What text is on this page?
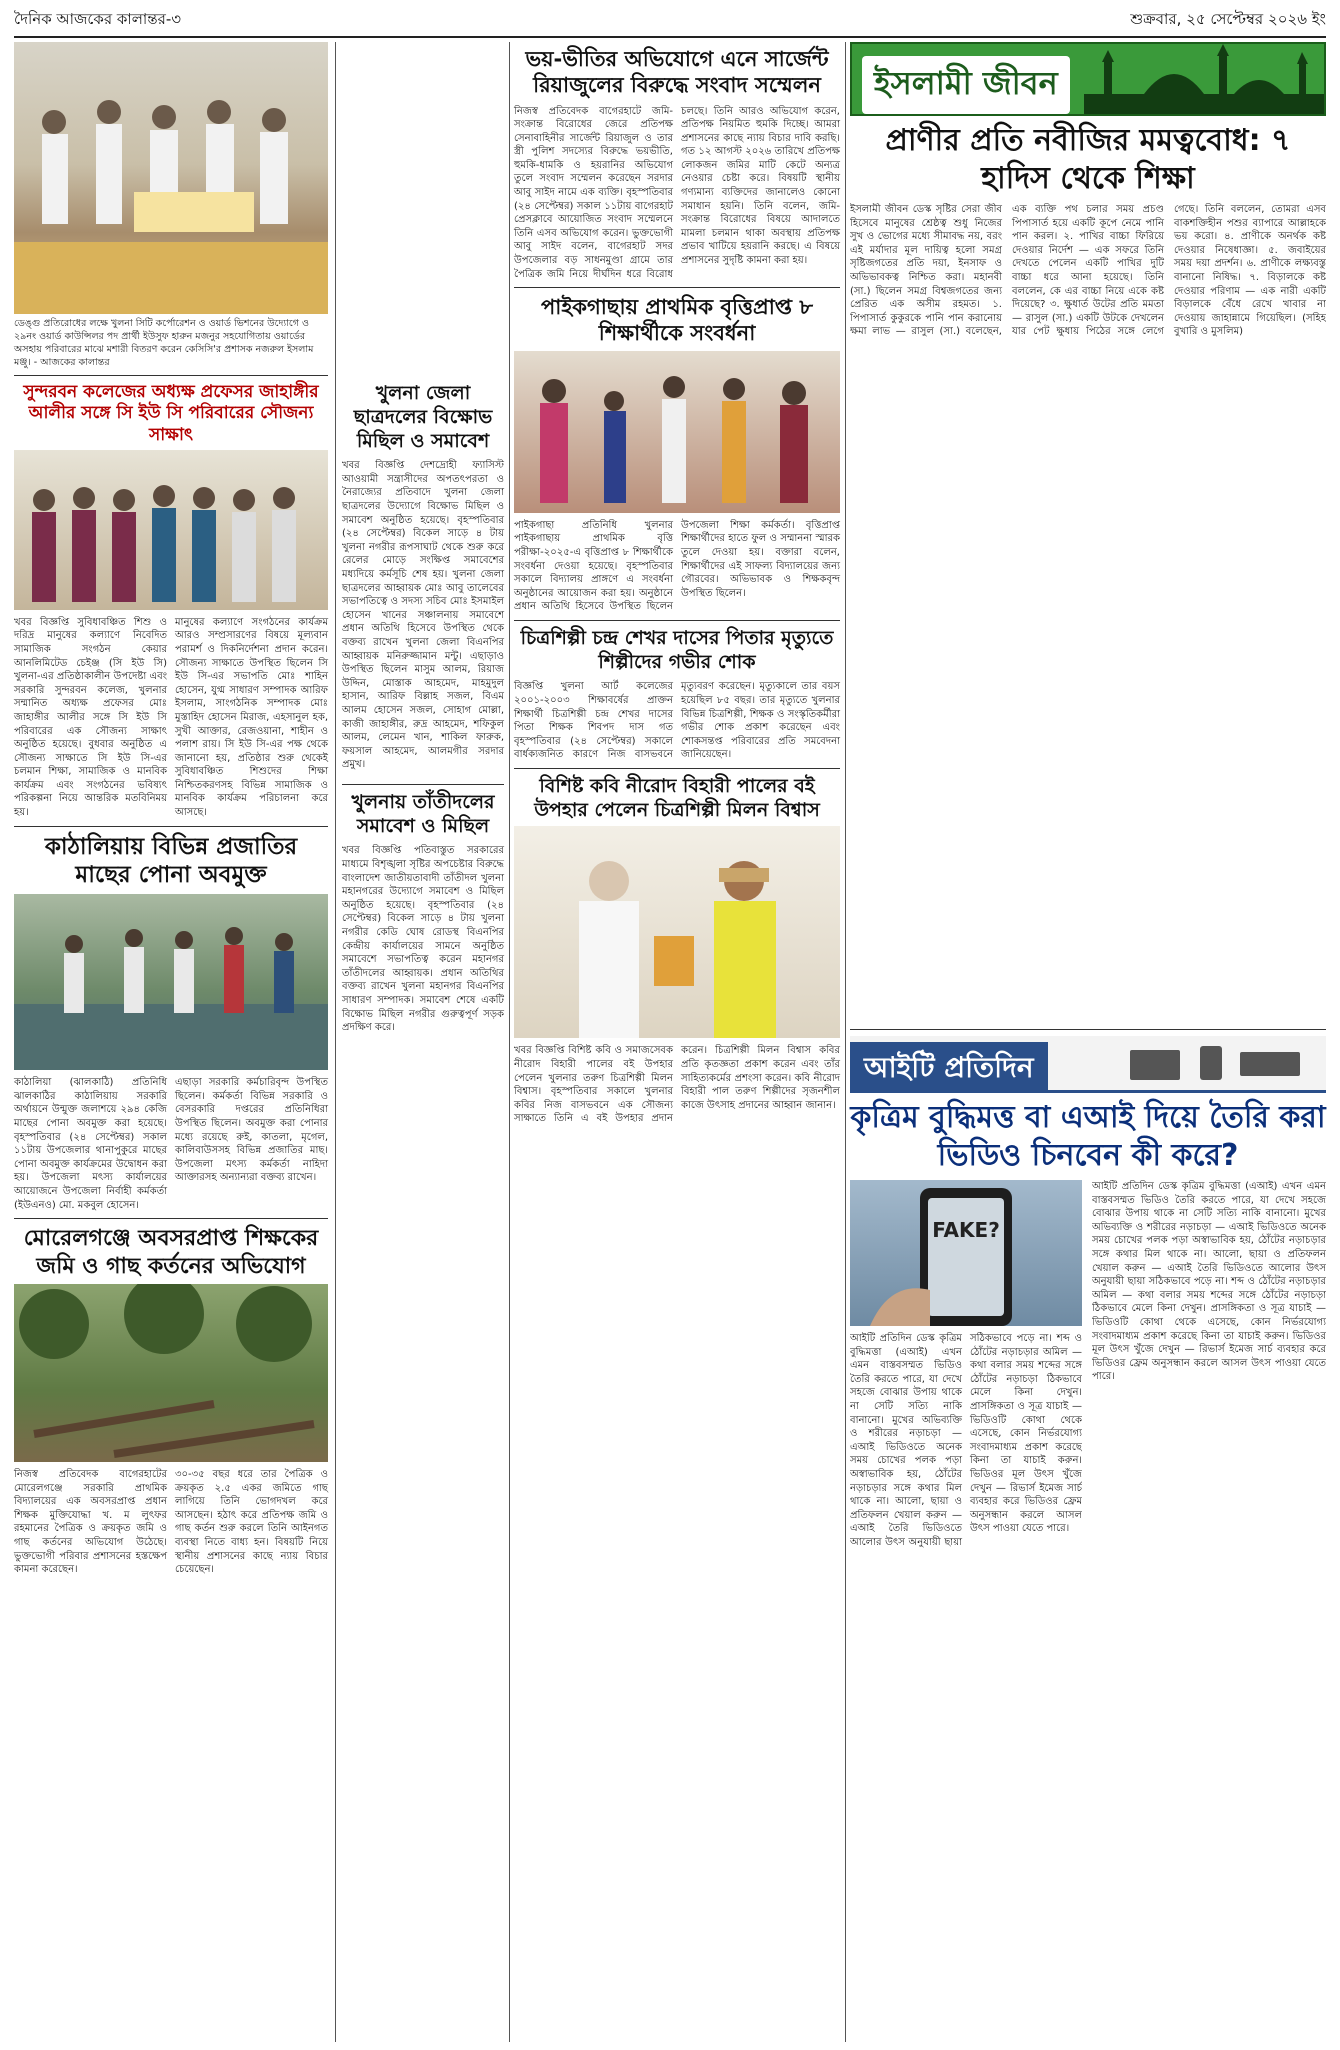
দৈনিক আজকের কালান্তর-৩	শুক্রবার, ২৫ সেপ্টেম্বর ২০২৬ ইং
ডেঙ্গু প্রতিরোধের লক্ষে খুলনা সিটি কর্পোরেশন ও ওয়ার্ড ভিশনের উদ্যোগে ও ২৯নং ওয়ার্ড কাউন্সিলর পদ প্রার্থী ইউসুফ হারুন মজনুর সহযোগিতায় ওয়ার্ডের অসহায় পরিবারের মাঝে মশারী বিতরণ করেন কেসিসি'র প্রশাসক নজরুল ইসলাম মঞ্জু। - আজকের কালান্তর
সুন্দরবন কলেজের অধ্যক্ষ প্রফেসর জাহাঙ্গীর আলীর সঙ্গে সি ইউ সি পরিবারের সৌজন্য সাক্ষাৎ
খবর বিজ্ঞপ্তি সুবিধাবঞ্চিত শিশু ও দরিদ্র মানুষের কল্যাণে নিবেদিত সামাজিক সংগঠন কেয়ার আনলিমিটেড চেইঞ্জ (সি ইউ সি) খুলনা-এর প্রতিষ্ঠাকালীন উপদেষ্টা এবং সরকারি সুন্দরবন কলেজ, খুলনার সম্মানিত অধ্যক্ষ প্রফেসর মোঃ জাহাঙ্গীর আলীর সঙ্গে সি ইউ সি পরিবারের এক সৌজন্য সাক্ষাৎ অনুষ্ঠিত হয়েছে। বুধবার অনুষ্ঠিত এ সৌজন্য সাক্ষাতে সি ইউ সি-এর চলমান শিক্ষা, সামাজিক ও মানবিক কার্যক্রম এবং সংগঠনের ভবিষ্যৎ পরিকল্পনা নিয়ে আন্তরিক মতবিনিময় হয়।
মানুষের কল্যাণে সংগঠনের কার্যক্রম আরও সম্প্রসারণের বিষয়ে মূল্যবান পরামর্শ ও দিকনির্দেশনা প্রদান করেন। সৌজন্য সাক্ষাতে উপস্থিত ছিলেন সি ইউ সি-এর সভাপতি মোঃ শাহিন হোসেন, যুগ্ম সাধারণ সম্পাদক আরিফ ইসলাম, সাংগঠনিক সম্পাদক মোঃ মুস্তাহিদ হোসেন মিরাজ, এহসানুল হক, সুখী আক্তার, রেজওয়ানা, শাহীন ও পলাশ রায়। সি ইউ সি-এর পক্ষ থেকে জানানো হয়, প্রতিষ্ঠার শুরু থেকেই সুবিধাবঞ্চিত শিশুদের শিক্ষা নিশ্চিতকরণসহ বিভিন্ন সামাজিক ও মানবিক কার্যক্রম পরিচালনা করে আসছে।
কাঠালিয়ায় বিভিন্ন প্রজাতির মাছের পোনা অবমুক্ত
কাঠালিয়া (ঝালকাঠি) প্রতিনিধি ঝালকাঠির কাঠালিয়ায় সরকারি অর্থায়নে উন্মুক্ত জলাশয়ে ২৯৪ কেজি মাছের পোনা অবমুক্ত করা হয়েছে। বৃহস্পতিবার (২৪ সেপ্টেম্বর) সকাল ১১টায় উপজেলার থানাপুকুরে মাছের পোনা অবমুক্ত কার্যক্রমের উদ্বোধন করা হয়। উপজেলা মৎস্য কার্যালয়ের আয়োজনে উপজেলা নির্বাহী কর্মকর্তা (ইউএনও) মো. মকবুল হোসেন।
এছাড়া সরকারি কর্মচারিবৃন্দ উপস্থিত ছিলেন। কর্মকর্তা বিভিন্ন সরকারি ও বেসরকারি দপ্তরের প্রতিনিধিরা উপস্থিত ছিলেন। অবমুক্ত করা পোনার মধ্যে রয়েছে রুই, কাতলা, মৃগেল, কালিবাউসসহ বিভিন্ন প্রজাতির মাছ। উপজেলা মৎস্য কর্মকর্তা নাহিদা আক্তারসহ অন্যান্যরা বক্তব্য রাখেন।
মোরেলগঞ্জে অবসরপ্রাপ্ত শিক্ষকের জমি ও গাছ কর্তনের অভিযোগ
নিজস্ব প্রতিবেদক বাগেরহাটের মোরেলগঞ্জে সরকারি প্রাথমিক বিদ্যালয়ের এক অবসরপ্রাপ্ত প্রধান শিক্ষক মুক্তিযোদ্ধা খ. ম লুৎফর রহমানের পৈত্রিক ও ক্রয়কৃত জমি ও গাছ কর্তনের অভিযোগ উঠেছে। ভুক্তভোগী পরিবার প্রশাসনের হস্তক্ষেপ কামনা করেছেন।
৩০-৩৫ বছর ধরে তার পৈত্রিক ও ক্রয়কৃত ২.৫ একর জমিতে গাছ লাগিয়ে তিনি ভোগদখল করে আসছেন। হঠাৎ করে প্রতিপক্ষ জমি ও গাছ কর্তন শুরু করলে তিনি আইনগত ব্যবস্থা নিতে বাধ্য হন। বিষয়টি নিয়ে স্থানীয় প্রশাসনের কাছে ন্যায় বিচার চেয়েছেন।
খুলনা জেলা ছাত্রদলের বিক্ষোভ মিছিল ও সমাবেশ
খবর বিজ্ঞপ্তি দেশদ্রোহী ফ্যাসিস্ট আওয়ামী সন্ত্রাসীদের অপতৎপরতা ও নৈরাজ্যের প্রতিবাদে খুলনা জেলা ছাত্রদলের উদ্যোগে বিক্ষোভ মিছিল ও সমাবেশ অনুষ্ঠিত হয়েছে। বৃহস্পতিবার (২৪ সেপ্টেম্বর) বিকেল সাড়ে ৪ টায় খুলনা নগরীর রূপসাঘাট থেকে শুরু করে রেলের মোড়ে সংক্ষিপ্ত সমাবেশের মধ্যদিয়ে কর্মসূচি শেষ হয়। খুলনা জেলা ছাত্রদলের আহ্বায়ক মোঃ আবু তালেবের সভাপতিত্বে ও সদস্য সচিব মোঃ ইসমাইল হোসেন খানের সঞ্চালনায় সমাবেশে প্রধান অতিথি হিসেবে উপস্থিত থেকে বক্তব্য রাখেন খুলনা জেলা বিএনপির আহ্বায়ক মনিরুজ্জামান মন্টু। এছাড়াও উপস্থিত ছিলেন মাসুম আলম, রিয়াজ উদ্দিন, মোস্তাক আহমেদ, মাহমুদুল হাসান, আরিফ বিল্লাহ সজল, বিএম আলম হোসেন সজল, সোহাগ মোল্লা, কাজী জাহাঙ্গীর, রুদ্র আহমেদ, শফিকুল আলম, লেমেন খান, শাকিল ফারুক, ফয়সাল আহমেদ, আলমগীর সরদার প্রমুখ।
খুলনায় তাঁতীদলের সমাবেশ ও মিছিল
খবর বিজ্ঞপ্তি পতিবাস্তুত সরকারের মাধ্যমে বিশৃঙ্খলা সৃষ্টির অপচেষ্টার বিরুদ্ধে বাংলাদেশ জাতীয়তাবাদী তাঁতীদল খুলনা মহানগরের উদ্যোগে সমাবেশ ও মিছিল অনুষ্ঠিত হয়েছে। বৃহস্পতিবার (২৪ সেপ্টেম্বর) বিকেল সাড়ে ৪ টায় খুলনা নগরীর কেডি ঘোষ রোডস্থ বিএনপির কেন্দ্রীয় কার্যালয়ের সামনে অনুষ্ঠিত সমাবেশে সভাপতিত্ব করেন মহানগর তাঁতীদলের আহ্বায়ক। প্রধান অতিথির বক্তব্য রাখেন খুলনা মহানগর বিএনপির সাধারণ সম্পাদক। সমাবেশ শেষে একটি বিক্ষোভ মিছিল নগরীর গুরুত্বপূর্ণ সড়ক প্রদক্ষিণ করে।
ভয়-ভীতির অভিযোগে এনে সার্জেন্ট রিয়াজুলের বিরুদ্ধে সংবাদ সম্মেলন
নিজস্ব প্রতিবেদক বাগেরহাটে জমি-সংক্রান্ত বিরোধের জেরে প্রতিপক্ষ সেনাবাহিনীর সার্জেন্ট রিয়াজুল ও তার স্ত্রী পুলিশ সদস্যের বিরুদ্ধে ভয়ভীতি, হুমকি-ধামকি ও হয়রানির অভিযোগ তুলে সংবাদ সম্মেলন করেছেন সরদার আবু সাইদ নামে এক ব্যক্তি। বৃহস্পতিবার (২৪ সেপ্টেম্বর) সকাল ১১টায় বাগেরহাট প্রেসক্লাবে আয়োজিত সংবাদ সম্মেলনে তিনি এসব অভিযোগ করেন। ভুক্তভোগী আবু সাইদ বলেন, বাগেরহাট সদর উপজেলার বড় সাধনমুণ্ডা গ্রামে তার পৈত্রিক জমি নিয়ে দীর্ঘদিন ধরে বিরোধ চলছে। তিনি আরও অভিযোগ করেন, প্রতিপক্ষ নিয়মিত হুমকি দিচ্ছে। আমরা প্রশাসনের কাছে ন্যায় বিচার দাবি করছি। গত ১২ আগস্ট ২০২৬ তারিখে প্রতিপক্ষ লোকজন জমির মাটি কেটে অন্যত্র নেওয়ার চেষ্টা করে। বিষয়টি স্থানীয় গণ্যমান্য ব্যক্তিদের জানালেও কোনো সমাধান হয়নি। তিনি বলেন, জমি-সংক্রান্ত বিরোধের বিষয়ে আদালতে মামলা চলমান থাকা অবস্থায় প্রতিপক্ষ প্রভাব খাটিয়ে হয়রানি করছে। এ বিষয়ে প্রশাসনের সুদৃষ্টি কামনা করা হয়।
পাইকগাছায় প্রাথমিক বৃত্তিপ্রাপ্ত ৮ শিক্ষার্থীকে সংবর্ধনা
পাইকগাছা প্রতিনিধি খুলনার পাইকগাছায় প্রাথমিক বৃত্তি পরীক্ষা-২০২৫-এ বৃত্তিপ্রাপ্ত ৮ শিক্ষার্থীকে সংবর্ধনা দেওয়া হয়েছে। বৃহস্পতিবার সকালে বিদ্যালয় প্রাঙ্গণে এ সংবর্ধনা অনুষ্ঠানের আয়োজন করা হয়। অনুষ্ঠানে প্রধান অতিথি হিসেবে উপস্থিত ছিলেন উপজেলা শিক্ষা কর্মকর্তা। বৃত্তিপ্রাপ্ত শিক্ষার্থীদের হাতে ফুল ও সম্মাননা স্মারক তুলে দেওয়া হয়। বক্তারা বলেন, শিক্ষার্থীদের এই সাফল্য বিদ্যালয়ের জন্য গৌরবের। অভিভাবক ও শিক্ষকবৃন্দ উপস্থিত ছিলেন।
চিত্রশিল্পী চন্দ্র শেখর দাসের পিতার মৃত্যুতে শিল্পীদের গভীর শোক
বিজ্ঞপ্তি খুলনা আর্ট কলেজের ২০০১-২০০৩ শিক্ষাবর্ষের প্রাক্তন শিক্ষার্থী চিত্রশিল্পী চন্দ্র শেখর দাসের পিতা শিক্ষক শিবপদ দাস গত বৃহস্পতিবার (২৪ সেপ্টেম্বর) সকালে বার্ধক্যজনিত কারণে নিজ বাসভবনে মৃত্যুবরণ করেছেন। মৃত্যুকালে তার বয়স হয়েছিল ৮৫ বছর। তার মৃত্যুতে খুলনার বিভিন্ন চিত্রশিল্পী, শিক্ষক ও সংস্কৃতিকর্মীরা গভীর শোক প্রকাশ করেছেন এবং শোকসন্তপ্ত পরিবারের প্রতি সমবেদনা জানিয়েছেন।
বিশিষ্ট কবি নীরোদ বিহারী পালের বই উপহার পেলেন চিত্রশিল্পী মিলন বিশ্বাস
খবর বিজ্ঞপ্তি বিশিষ্ট কবি ও সমাজসেবক নীরোদ বিহারী পালের বই উপহার পেলেন খুলনার তরুণ চিত্রশিল্পী মিলন বিশ্বাস। বৃহস্পতিবার সকালে খুলনার কবির নিজ বাসভবনে এক সৌজন্য সাক্ষাতে তিনি এ বই উপহার প্রদান করেন। চিত্রশিল্পী মিলন বিশ্বাস কবির প্রতি কৃতজ্ঞতা প্রকাশ করেন এবং তাঁর সাহিত্যকর্মের প্রশংসা করেন। কবি নীরোদ বিহারী পাল তরুণ শিল্পীদের সৃজনশীল কাজে উৎসাহ প্রদানের আহ্বান জানান।
ইসলামী জীবন
প্রাণীর প্রতি নবীজির মমত্ববোধ: ৭ হাদিস থেকে শিক্ষা
ইসলামী জীবন ডেস্ক সৃষ্টির সেরা জীব হিসেবে মানুষের শ্রেষ্ঠত্ব শুধু নিজের সুখ ও ভোগের মধ্যে সীমাবদ্ধ নয়, বরং এই মর্যাদার মূল দায়িত্ব হলো সমগ্র সৃষ্টিজগতের প্রতি দয়া, ইনসাফ ও অভিভাবকত্ব নিশ্চিত করা। মহানবী (সা.) ছিলেন সমগ্র বিশ্বজগতের জন্য প্রেরিত এক অসীম রহমত। ১. পিপাসার্ত কুকুরকে পানি পান করানোয় ক্ষমা লাভ — রাসুল (সা.) বলেছেন, এক ব্যক্তি পথ চলার সময় প্রচণ্ড পিপাসার্ত হয়ে একটি কূপে নেমে পানি পান করল। ২. পাখির বাচ্চা ফিরিয়ে দেওয়ার নির্দেশ — এক সফরে তিনি দেখতে পেলেন একটি পাখির দুটি বাচ্চা ধরে আনা হয়েছে। তিনি বললেন, কে এর বাচ্চা নিয়ে একে কষ্ট দিয়েছে? ৩. ক্ষুধার্ত উটের প্রতি মমতা — রাসুল (সা.) একটি উটকে দেখলেন যার পেট ক্ষুধায় পিঠের সঙ্গে লেগে গেছে। তিনি বললেন, তোমরা এসব বাকশক্তিহীন পশুর ব্যাপারে আল্লাহকে ভয় করো। ৪. প্রাণীকে অনর্থক কষ্ট দেওয়ার নিষেধাজ্ঞা। ৫. জবাইয়ের সময় দয়া প্রদর্শন। ৬. প্রাণীকে লক্ষ্যবস্তু বানানো নিষিদ্ধ। ৭. বিড়ালকে কষ্ট দেওয়ার পরিণাম — এক নারী একটি বিড়ালকে বেঁধে রেখে খাবার না দেওয়ায় জাহান্নামে গিয়েছিল। (সহিহ বুখারি ও মুসলিম)
আইটি প্রতিদিন
কৃত্রিম বুদ্ধিমত্ত বা এআই দিয়ে তৈরি করা ভিডিও চিনবেন কী করে?
FAKE?
আইটি প্রতিদিন ডেস্ক কৃত্রিম বুদ্ধিমত্তা (এআই) এখন এমন বাস্তবসম্মত ভিডিও তৈরি করতে পারে, যা দেখে সহজে বোঝার উপায় থাকে না সেটি সত্যি নাকি বানানো। মুখের অভিব্যক্তি ও শরীরের নড়াচড়া — এআই ভিডিওতে অনেক সময় চোখের পলক পড়া অস্বাভাবিক হয়, ঠোঁটের নড়াচড়ার সঙ্গে কথার মিল থাকে না। আলো, ছায়া ও প্রতিফলন খেয়াল করুন — এআই তৈরি ভিডিওতে আলোর উৎস অনুযায়ী ছায়া সঠিকভাবে পড়ে না। শব্দ ও ঠোঁটের নড়াচড়ার অমিল — কথা বলার সময় শব্দের সঙ্গে ঠোঁটের নড়াচড়া ঠিকভাবে মেলে কিনা দেখুন। প্রাসঙ্গিকতা ও সূত্র যাচাই — ভিডিওটি কোথা থেকে এসেছে, কোন নির্ভরযোগ্য সংবাদমাধ্যম প্রকাশ করেছে কিনা তা যাচাই করুন। ভিডিওর মূল উৎস খুঁজে দেখুন — রিভার্স ইমেজ সার্চ ব্যবহার করে ভিডিওর ফ্রেম অনুসন্ধান করলে আসল উৎস পাওয়া যেতে পারে।
আইটি প্রতিদিন ডেস্ক কৃত্রিম বুদ্ধিমত্তা (এআই) এখন এমন বাস্তবসম্মত ভিডিও তৈরি করতে পারে, যা দেখে সহজে বোঝার উপায় থাকে না সেটি সত্যি নাকি বানানো। মুখের অভিব্যক্তি ও শরীরের নড়াচড়া — এআই ভিডিওতে অনেক সময় চোখের পলক পড়া অস্বাভাবিক হয়, ঠোঁটের নড়াচড়ার সঙ্গে কথার মিল থাকে না। আলো, ছায়া ও প্রতিফলন খেয়াল করুন — এআই তৈরি ভিডিওতে আলোর উৎস অনুযায়ী ছায়া সঠিকভাবে পড়ে না। শব্দ ও ঠোঁটের নড়াচড়ার অমিল — কথা বলার সময় শব্দের সঙ্গে ঠোঁটের নড়াচড়া ঠিকভাবে মেলে কিনা দেখুন। প্রাসঙ্গিকতা ও সূত্র যাচাই — ভিডিওটি কোথা থেকে এসেছে, কোন নির্ভরযোগ্য সংবাদমাধ্যম প্রকাশ করেছে কিনা তা যাচাই করুন। ভিডিওর মূল উৎস খুঁজে দেখুন — রিভার্স ইমেজ সার্চ ব্যবহার করে ভিডিওর ফ্রেম অনুসন্ধান করলে আসল উৎস পাওয়া যেতে পারে।
